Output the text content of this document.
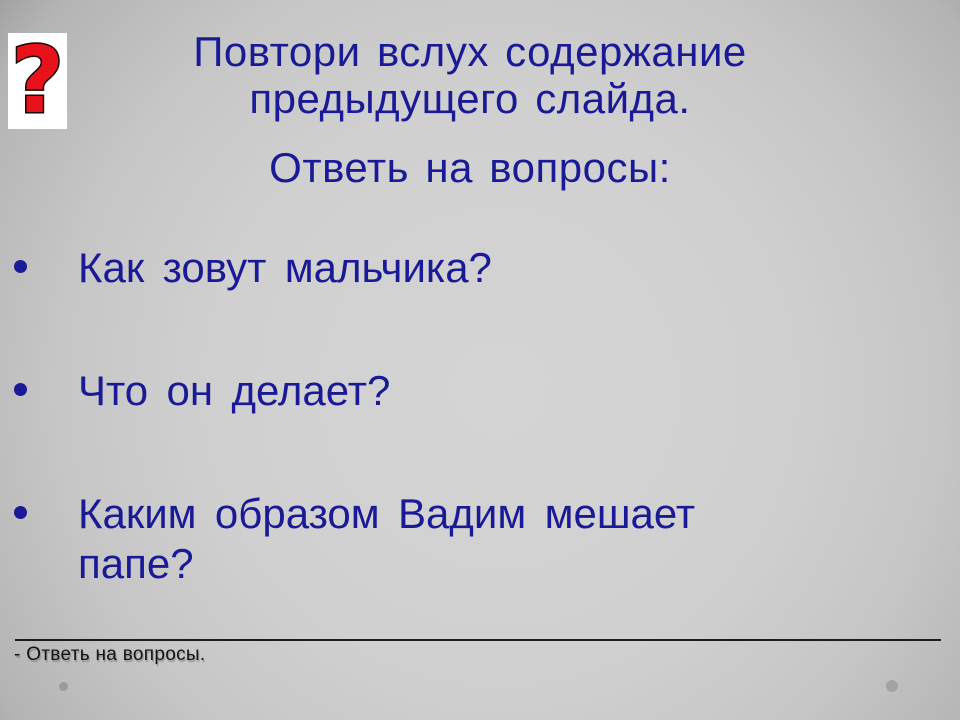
?	Повтори вслух содержание
предыдущего слайда.
Ответь на вопросы:
Как зовут мальчика?
Что он делает?
Каким образом Вадим мешает папе?
- Ответь на вопросы.
